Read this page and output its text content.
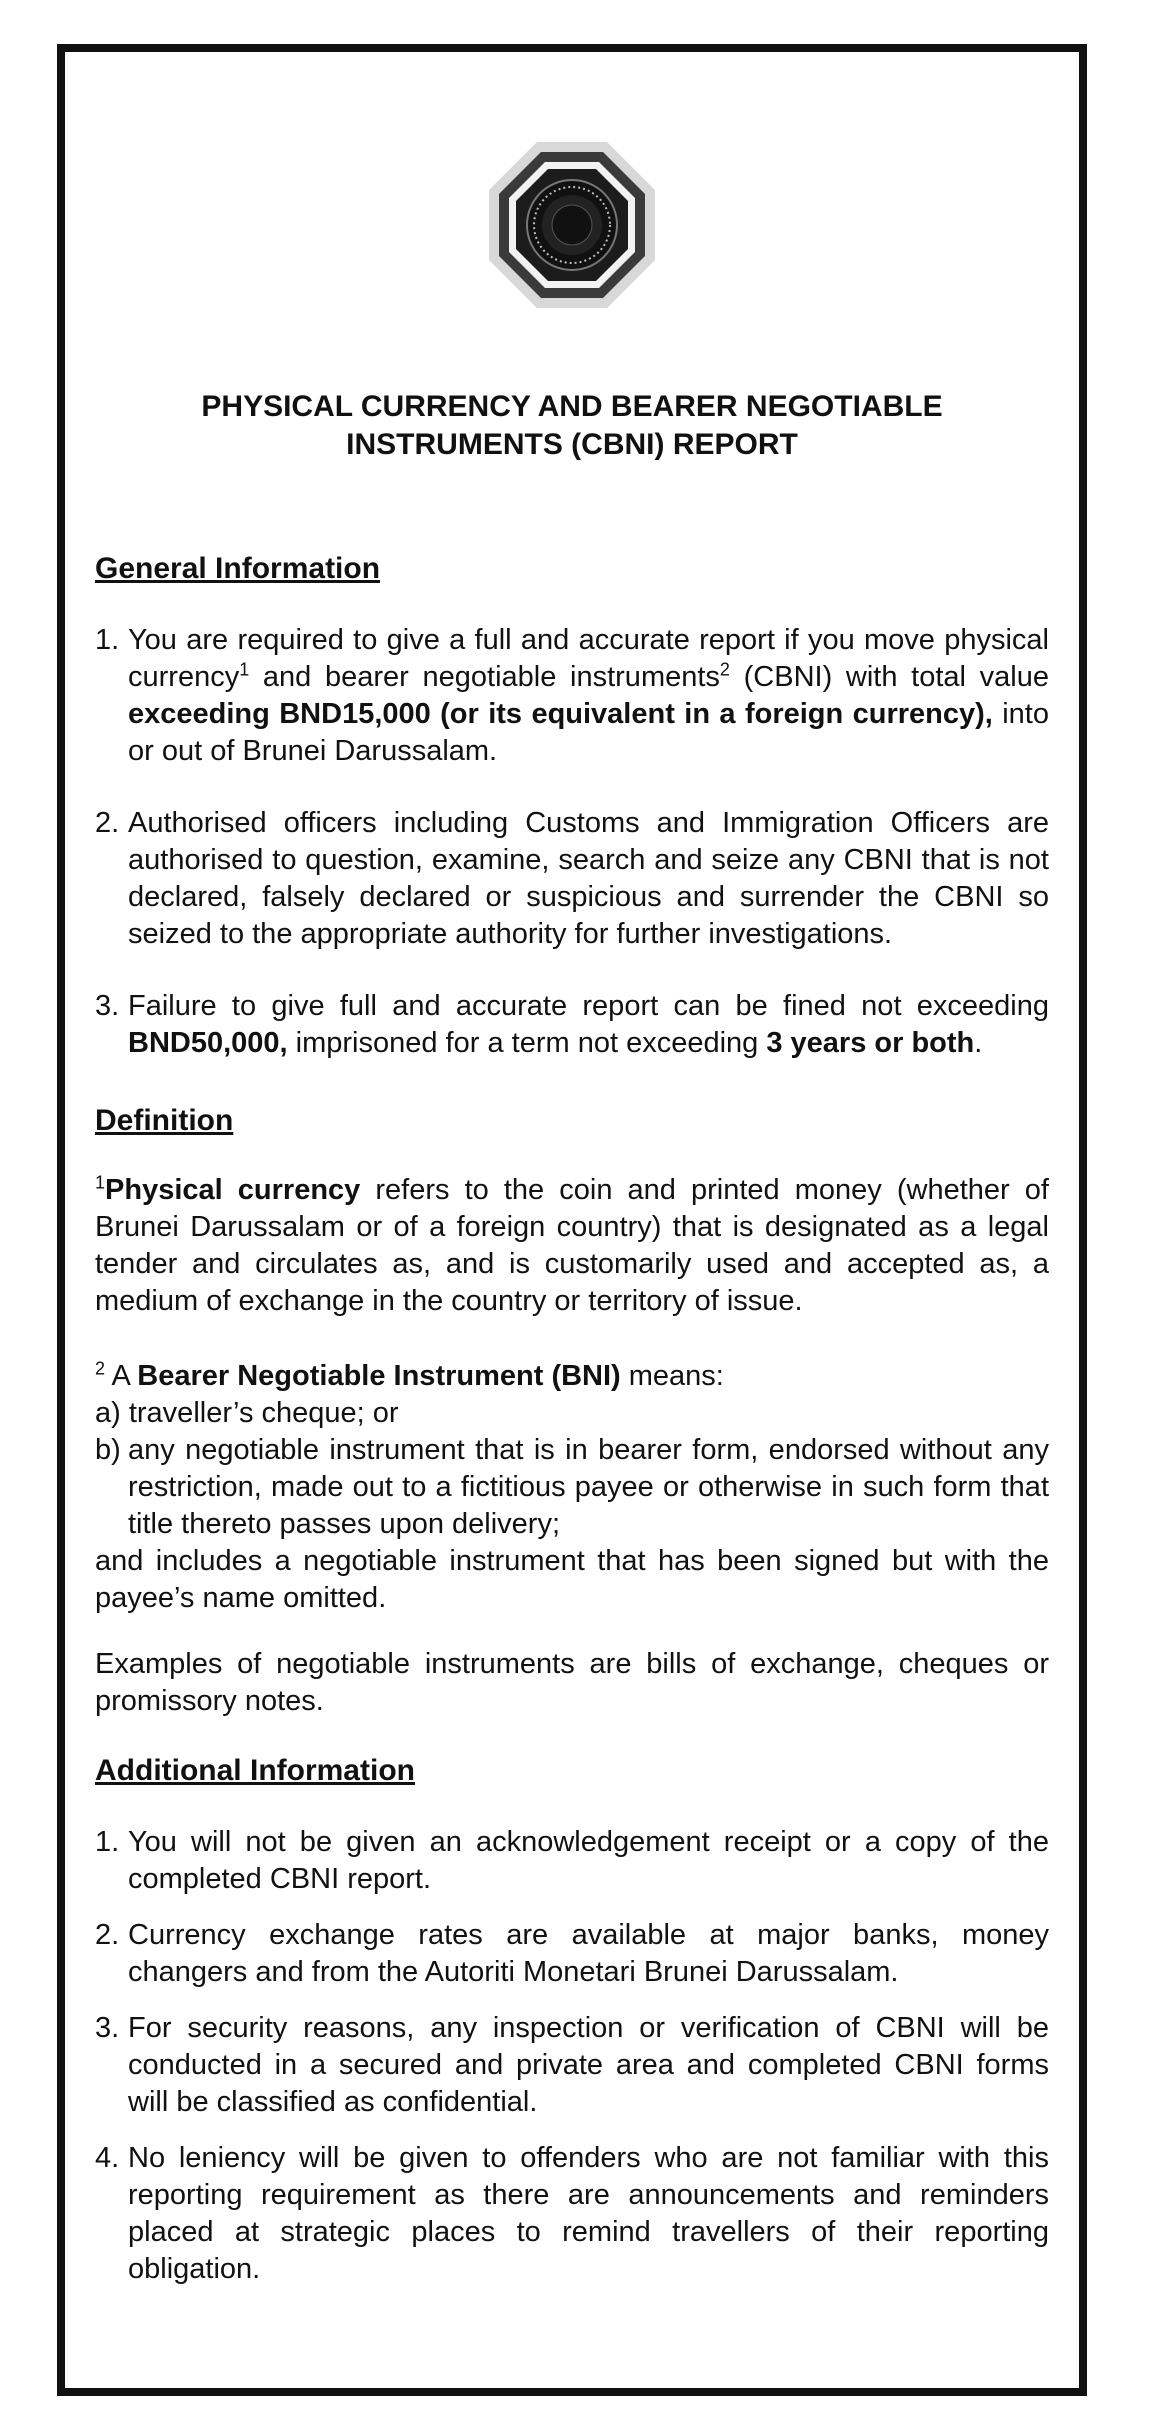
PHYSICAL CURRENCY AND BEARER NEGOTIABLE
INSTRUMENTS (CBNI) REPORT
General Information
1. You are required to give a full and accurate report if you move physical currency$^1$ and bearer negotiable instruments$^2$ (CBNI) with total value exceeding BND15,000 (or its equivalent in a foreign currency), into or out of Brunei Darussalam.
2. Authorised officers including Customs and Immigration Officers are authorised to question, examine, search and seize any CBNI that is not declared, falsely declared or suspicious and surrender the CBNI so seized to the appropriate authority for further investigations.
3. Failure to give full and accurate report can be fined not exceeding BND50,000, imprisoned for a term not exceeding 3 years or both.
Definition
$^1$Physical currency refers to the coin and printed money (whether of Brunei Darussalam or of a foreign country) that is designated as a legal tender and circulates as, and is customarily used and accepted as, a medium of exchange in the country or territory of issue.
$^2$ A Bearer Negotiable Instrument (BNI) means:
a) traveller’s cheque; or
b) any negotiable instrument that is in bearer form, endorsed without any restriction, made out to a fictitious payee or otherwise in such form that title thereto passes upon delivery;
and includes a negotiable instrument that has been signed but with the payee’s name omitted.
Examples of negotiable instruments are bills of exchange, cheques or promissory notes.
Additional Information
1. You will not be given an acknowledgement receipt or a copy of the completed CBNI report.
2. Currency exchange rates are available at major banks, money changers and from the Autoriti Monetari Brunei Darussalam.
3. For security reasons, any inspection or verification of CBNI will be conducted in a secured and private area and completed CBNI forms will be classified as confidential.
4. No leniency will be given to offenders who are not familiar with this reporting requirement as there are announcements and reminders placed at strategic places to remind travellers of their reporting obligation.
